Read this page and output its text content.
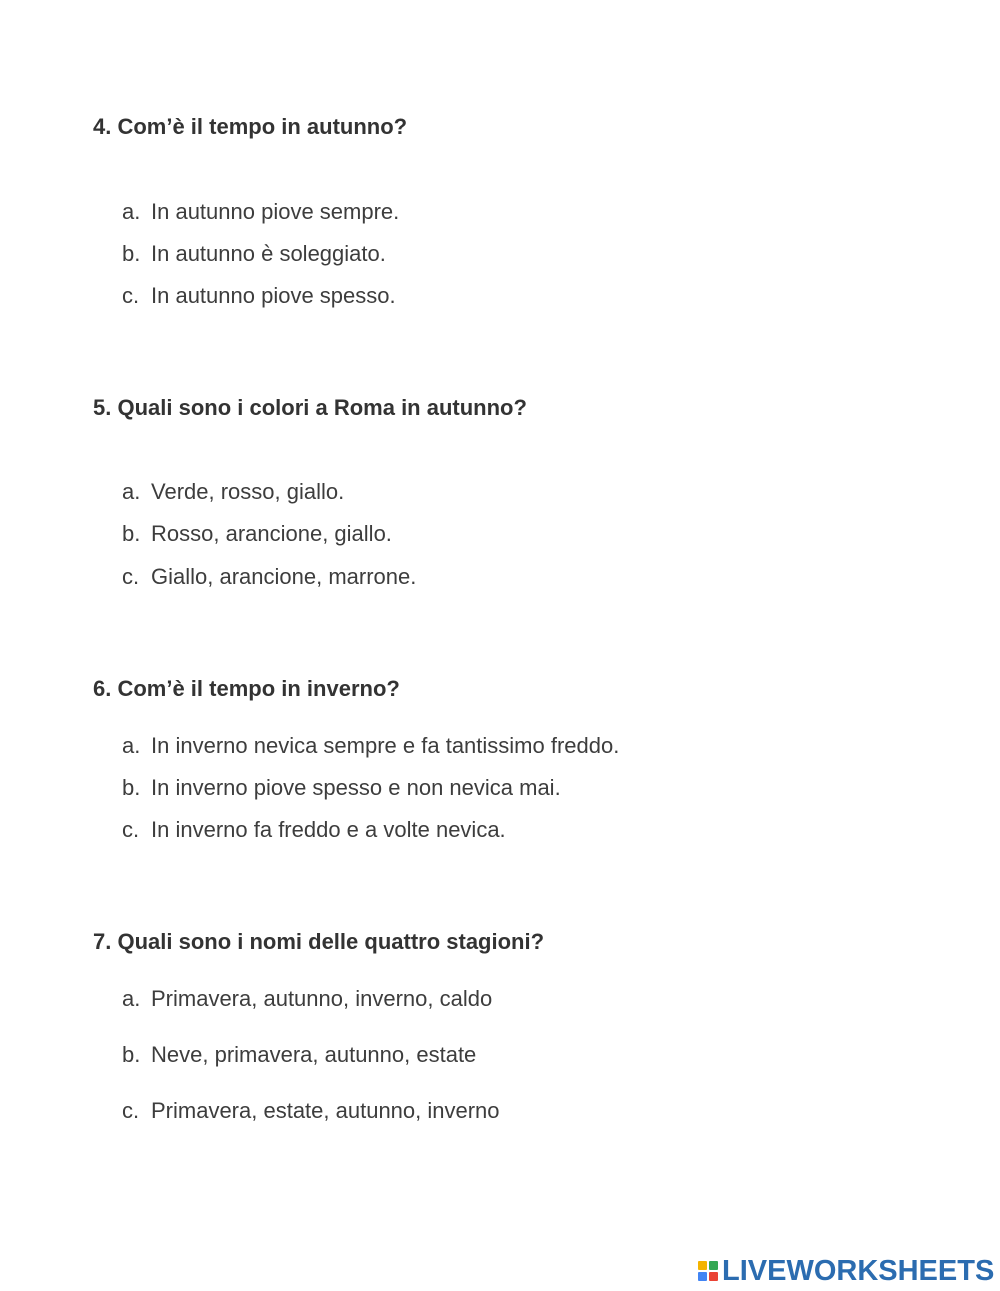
4. Com’è il tempo in autunno?
a. In autunno piove sempre.
b. In autunno è soleggiato.
c. In autunno piove spesso.
5. Quali sono i colori a Roma in autunno?
a. Verde, rosso, giallo.
b. Rosso, arancione, giallo.
c. Giallo, arancione, marrone.
6. Com’è il tempo in inverno?
a. In inverno nevica sempre e fa tantissimo freddo.
b. In inverno piove spesso e non nevica mai.
c. In inverno fa freddo e a volte nevica.
7. Quali sono i nomi delle quattro stagioni?
a. Primavera, autunno, inverno, caldo
b. Neve, primavera, autunno, estate
c. Primavera, estate, autunno, inverno
LIVEWORKSHEETS
